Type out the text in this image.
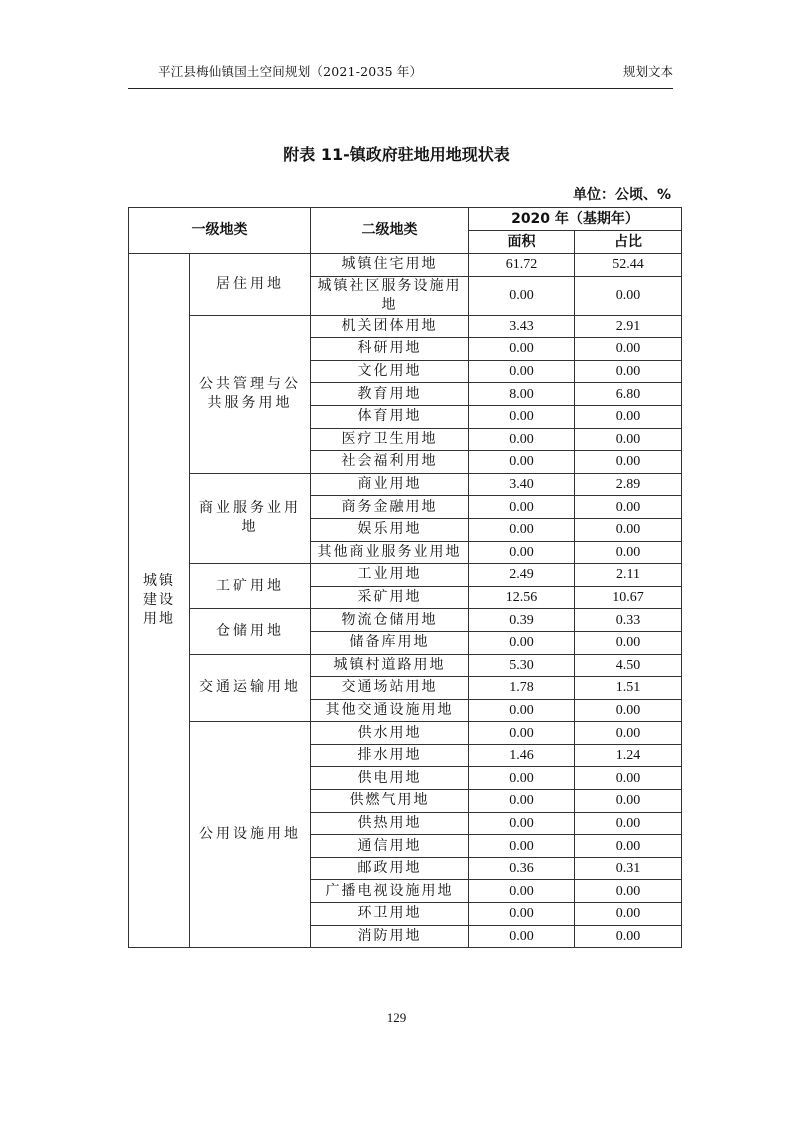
平江县梅仙镇国土空间规划（2021-2035 年）	规划文本
附表 11-镇政府驻地用地现状表
单位：公顷、%
一级地类		二级地类	2020 年（基期年）	
			面积	占比

城镇
建设
用地	居住用地	城镇住宅用地	61.72	52.44
		城镇社区服务设施用地	0.00	0.00
	公共管理与公共服务用地	机关团体用地	3.43	2.91
		科研用地	0.00	0.00
		文化用地	0.00	0.00
		教育用地	8.00	6.80
		体育用地	0.00	0.00
		医疗卫生用地	0.00	0.00
		社会福利用地	0.00	0.00
	商业服务业用地	商业用地	3.40	2.89
		商务金融用地	0.00	0.00
		娱乐用地	0.00	0.00
		其他商业服务业用地	0.00	0.00
	工矿用地	工业用地	2.49	2.11
		采矿用地	12.56	10.67
	仓储用地	物流仓储用地	0.39	0.33
		储备库用地	0.00	0.00
	交通运输用地	城镇村道路用地	5.30	4.50
		交通场站用地	1.78	1.51
		其他交通设施用地	0.00	0.00
	公用设施用地	供水用地	0.00	0.00
		排水用地	1.46	1.24
		供电用地	0.00	0.00
		供燃气用地	0.00	0.00
		供热用地	0.00	0.00
		通信用地	0.00	0.00
		邮政用地	0.36	0.31
		广播电视设施用地	0.00	0.00
		环卫用地	0.00	0.00
		消防用地	0.00	0.00
129
